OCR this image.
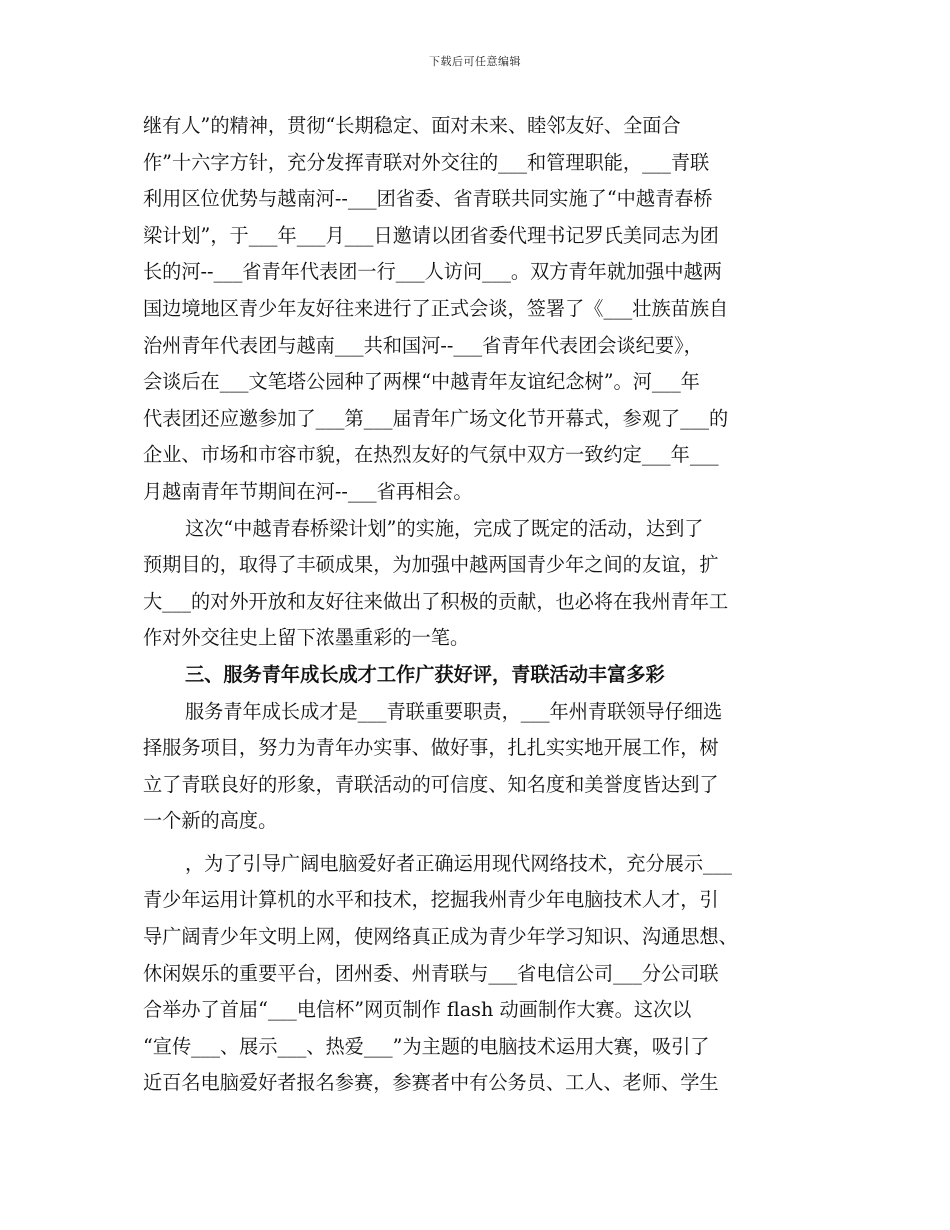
下载后可任意编辑
继有人”的精神，贯彻“长期稳定、面对未来、睦邻友好、全面合
作”十六字方针，充分发挥青联对外交往的___和管理职能，___青联
利用区位优势与越南河--___团省委、省青联共同实施了“中越青春桥
梁计划”，于___年___月___日邀请以团省委代理书记罗氏美同志为团
长的河--___省青年代表团一行___人访问___。双方青年就加强中越两
国边境地区青少年友好往来进行了正式会谈，签署了《___壮族苗族自
治州青年代表团与越南___共和国河--___省青年代表团会谈纪要》，
会谈后在___文笔塔公园种了两棵“中越青年友谊纪念树”。河___年
代表团还应邀参加了___第___届青年广场文化节开幕式，参观了___的
企业、市场和市容市貌，在热烈友好的气氛中双方一致约定___年___
月越南青年节期间在河--___省再相会。
这次“中越青春桥梁计划”的实施，完成了既定的活动，达到了
预期目的，取得了丰硕成果，为加强中越两国青少年之间的友谊，扩
大___的对外开放和友好往来做出了积极的贡献，也必将在我州青年工
作对外交往史上留下浓墨重彩的一笔。
三、服务青年成长成才工作广获好评，青联活动丰富多彩
服务青年成长成才是___青联重要职责，___年州青联领导仔细选
择服务项目，努力为青年办实事、做好事，扎扎实实地开展工作，树
立了青联良好的形象，青联活动的可信度、知名度和美誉度皆达到了
一个新的高度。
，为了引导广阔电脑爱好者正确运用现代网络技术，充分展示___
青少年运用计算机的水平和技术，挖掘我州青少年电脑技术人才，引
导广阔青少年文明上网，使网络真正成为青少年学习知识、沟通思想、
休闲娱乐的重要平台，团州委、州青联与___省电信公司___分公司联
合举办了首届“___电信杯”网页制作 flash 动画制作大赛。这次以
“宣传___、展示___、热爱___”为主题的电脑技术运用大赛，吸引了
近百名电脑爱好者报名参赛，参赛者中有公务员、工人、老师、学生
